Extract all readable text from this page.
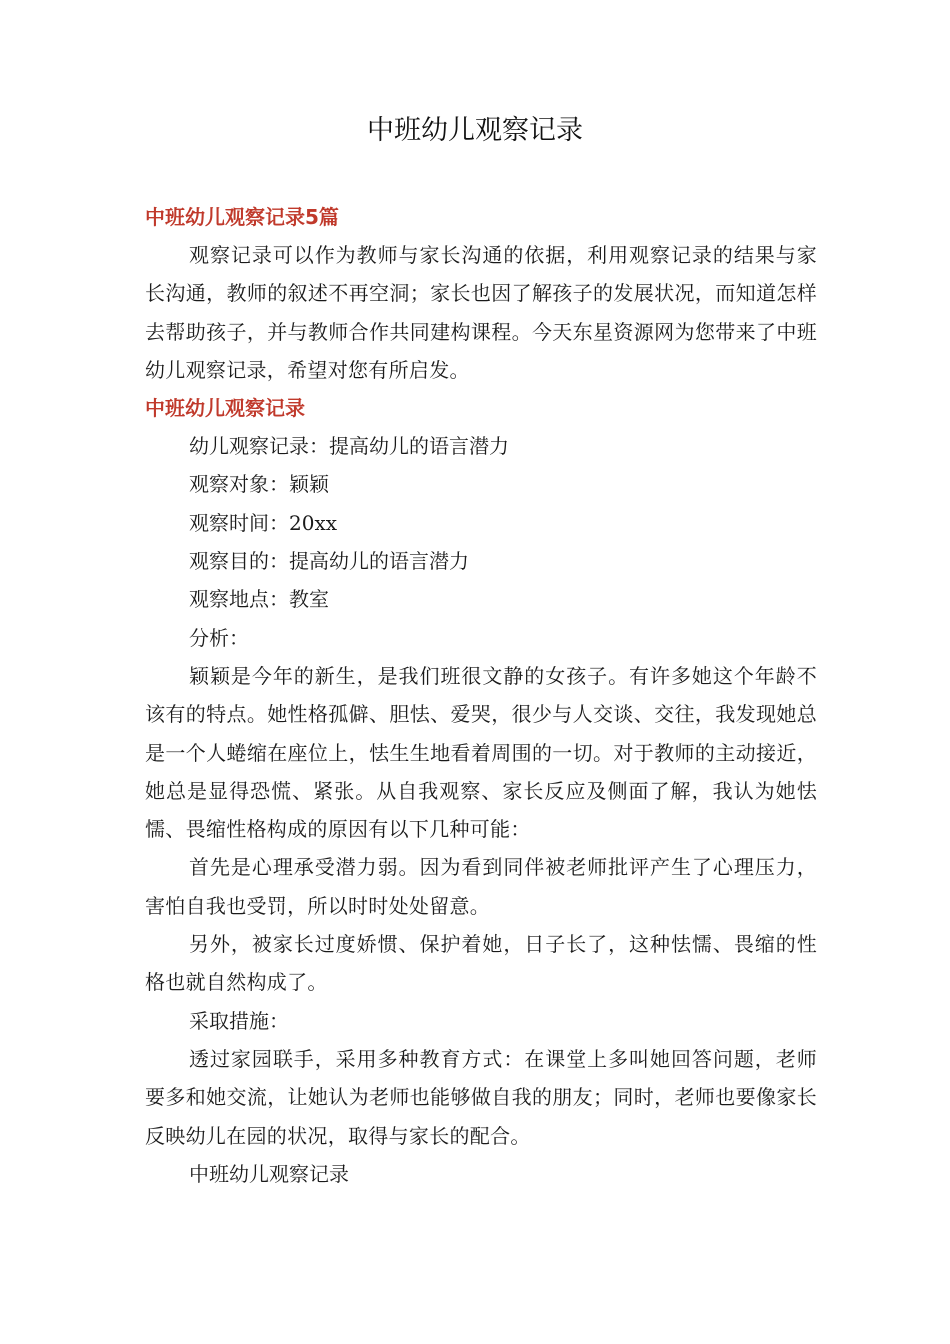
中班幼儿观察记录
中班幼儿观察记录5篇

观察记录可以作为教师与家长沟通的依据，利用观察记录的结果与家长沟通，教师的叙述不再空洞；家长也因了解孩子的发展状况，而知道怎样去帮助孩子，并与教师合作共同建构课程。今天东星资源网为您带来了中班幼儿观察记录，希望对您有所启发。

中班幼儿观察记录

幼儿观察记录：提高幼儿的语言潜力

观察对象：颖颖

观察时间：20xx

观察目的：提高幼儿的语言潜力

观察地点：教室

分析：

颖颖是今年的新生，是我们班很文静的女孩子。有许多她这个年龄不该有的特点。她性格孤僻、胆怯、爱哭，很少与人交谈、交往，我发现她总是一个人蜷缩在座位上，怯生生地看着周围的一切。对于教师的主动接近，她总是显得恐慌、紧张。从自我观察、家长反应及侧面了解，我认为她怯懦、畏缩性格构成的原因有以下几种可能：

首先是心理承受潜力弱。因为看到同伴被老师批评产生了心理压力，害怕自我也受罚，所以时时处处留意。

另外，被家长过度娇惯、保护着她，日子长了，这种怯懦、畏缩的性格也就自然构成了。

采取措施：

透过家园联手，采用多种教育方式：在课堂上多叫她回答问题，老师要多和她交流，让她认为老师也能够做自我的朋友；同时，老师也要像家长反映幼儿在园的状况，取得与家长的配合。

中班幼儿观察记录
